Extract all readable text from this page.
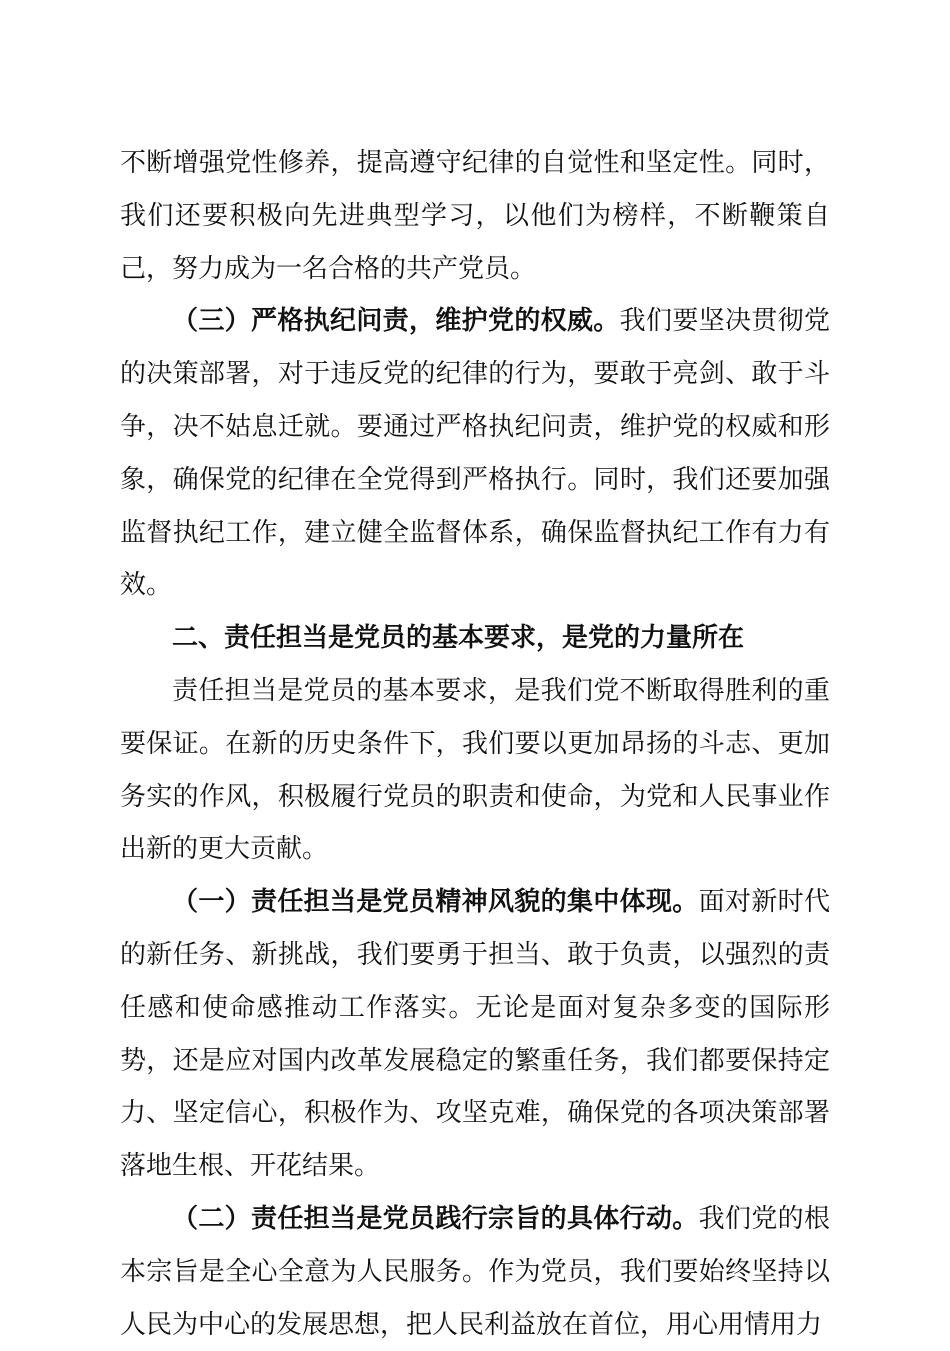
不断增强党性修养，提高遵守纪律的自觉性和坚定性。同时，我们还要积极向先进典型学习，以他们为榜样，不断鞭策自己，努力成为一名合格的共产党员。

（三）严格执纪问责，维护党的权威。我们要坚决贯彻党的决策部署，对于违反党的纪律的行为，要敢于亮剑、敢于斗争，决不姑息迁就。要通过严格执纪问责，维护党的权威和形象，确保党的纪律在全党得到严格执行。同时，我们还要加强监督执纪工作，建立健全监督体系，确保监督执纪工作有力有效。

二、责任担当是党员的基本要求，是党的力量所在

责任担当是党员的基本要求，是我们党不断取得胜利的重要保证。在新的历史条件下，我们要以更加昂扬的斗志、更加务实的作风，积极履行党员的职责和使命，为党和人民事业作出新的更大贡献。

（一）责任担当是党员精神风貌的集中体现。面对新时代的新任务、新挑战，我们要勇于担当、敢于负责，以强烈的责任感和使命感推动工作落实。无论是面对复杂多变的国际形势，还是应对国内改革发展稳定的繁重任务，我们都要保持定力、坚定信心，积极作为、攻坚克难，确保党的各项决策部署落地生根、开花结果。

（二）责任担当是党员践行宗旨的具体行动。我们党的根本宗旨是全心全意为人民服务。作为党员，我们要始终坚持以人民为中心的发展思想，把人民利益放在首位，用心用情用力
